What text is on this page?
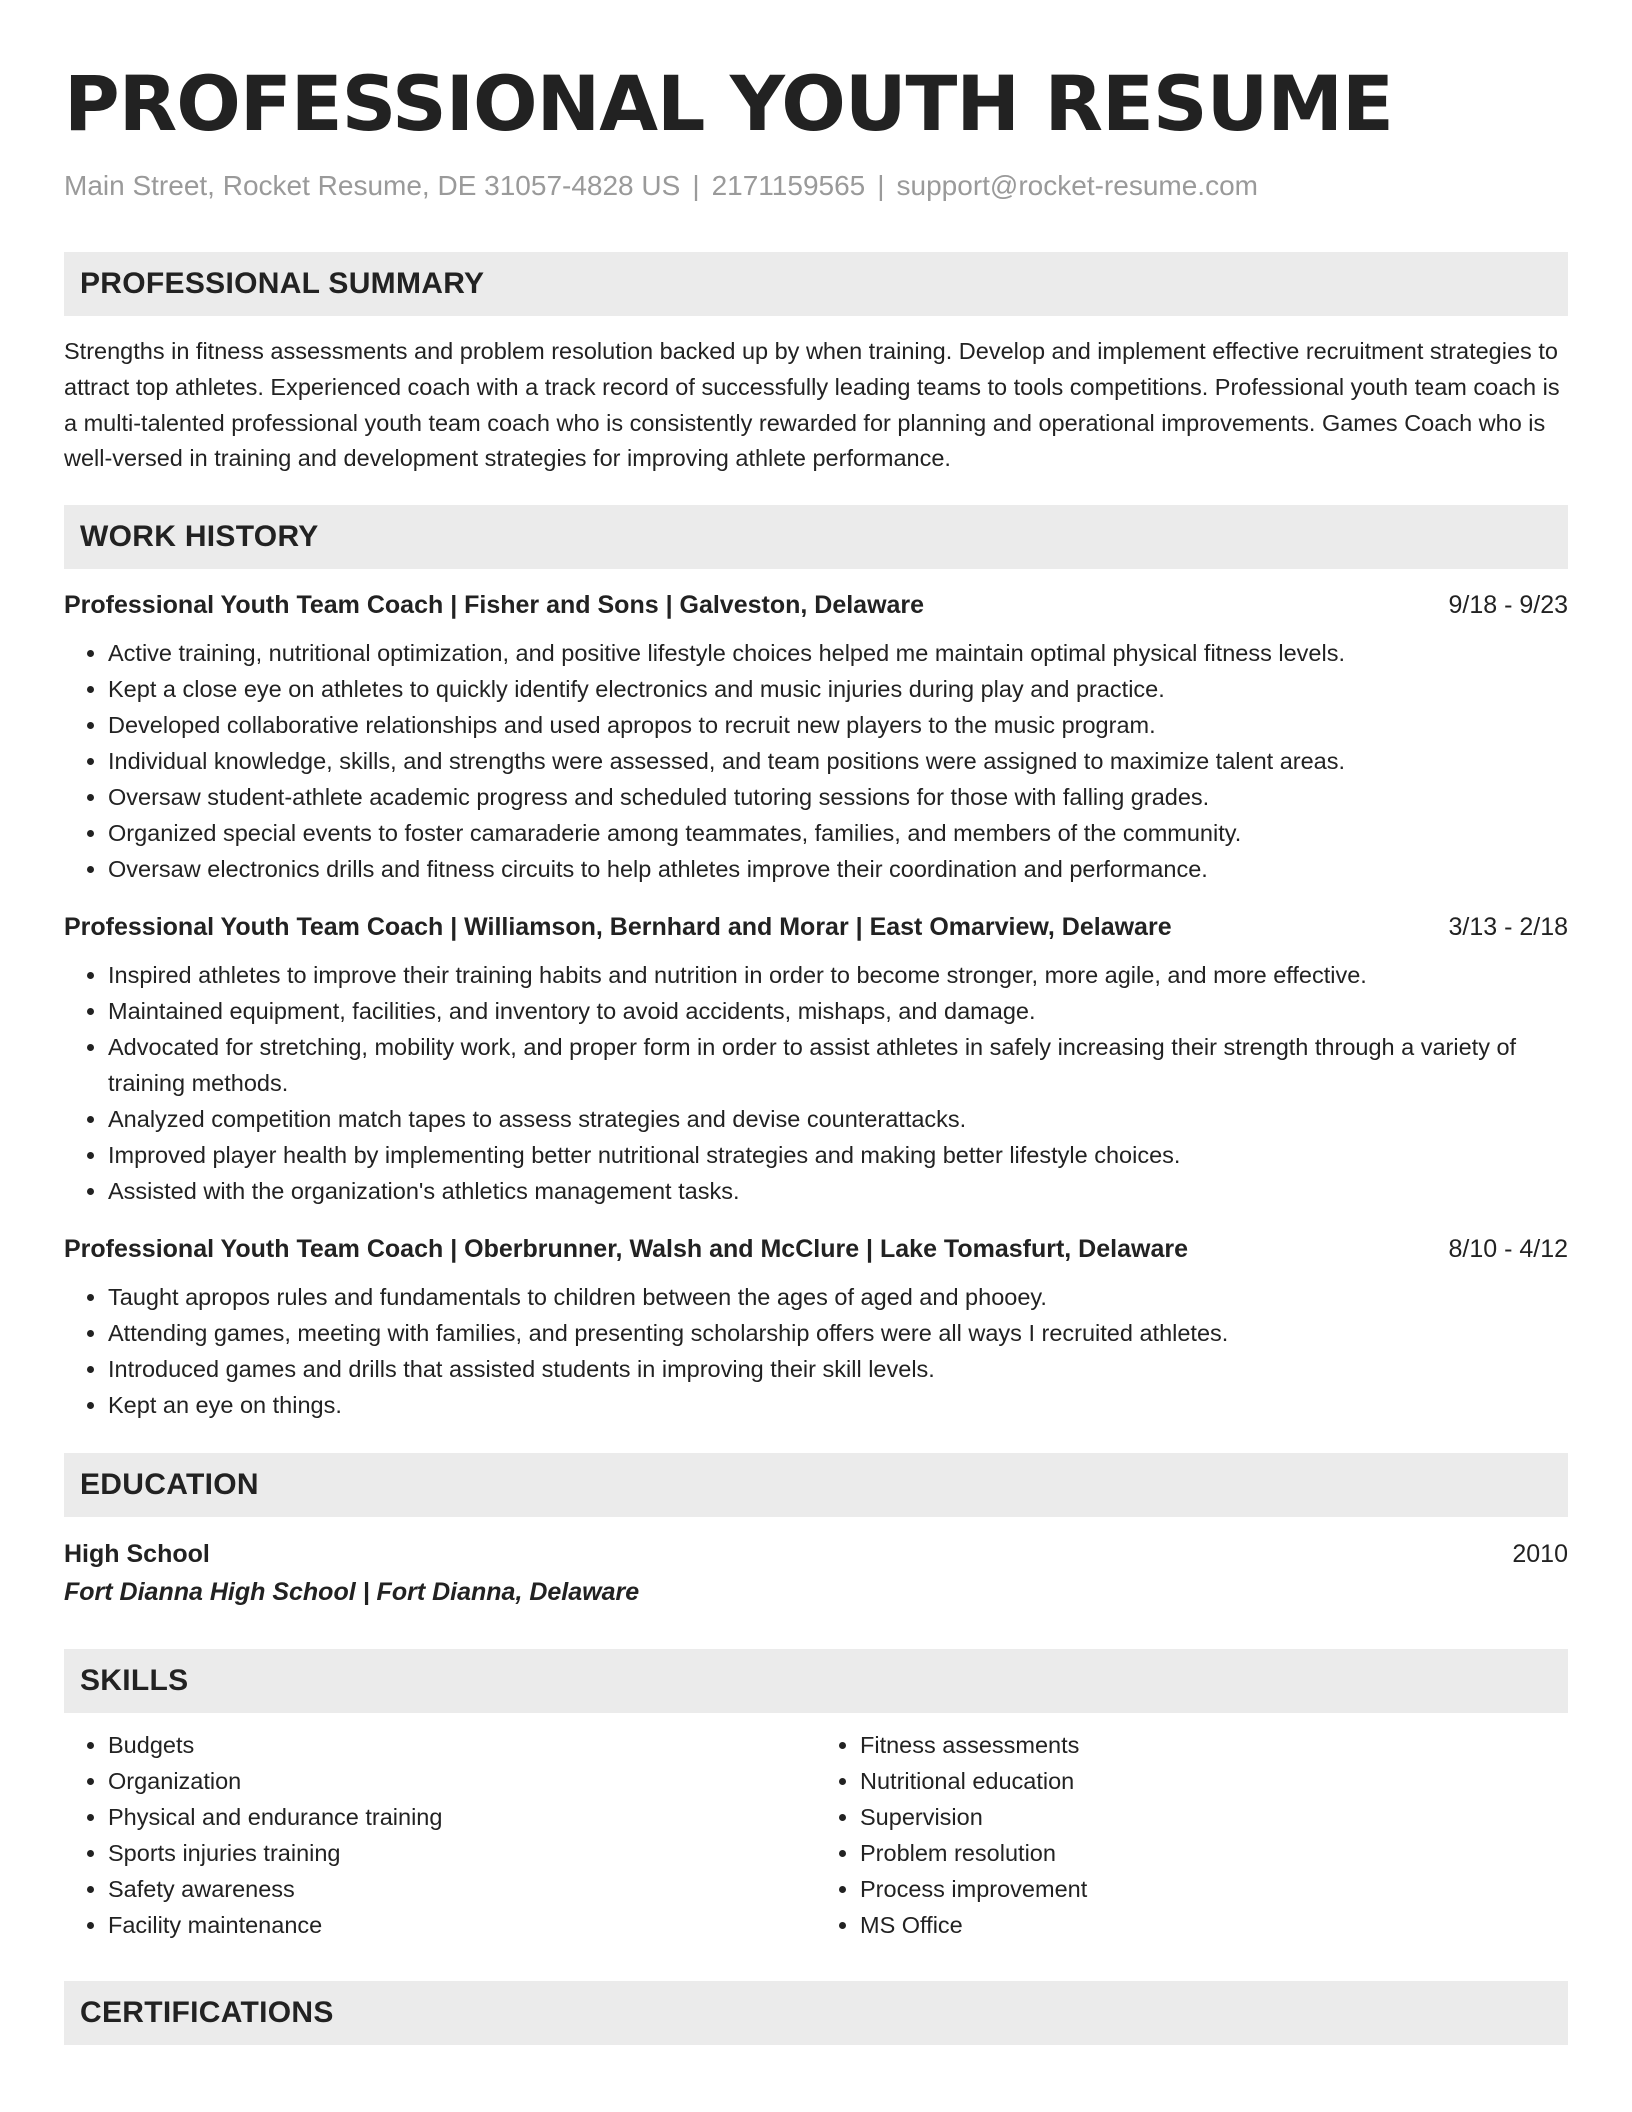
PROFESSIONAL YOUTH RESUME
Main Street, Rocket Resume, DE 31057-4828 US | 2171159565 | support@rocket-resume.com
PROFESSIONAL SUMMARY
Strengths in fitness assessments and problem resolution backed up by when training. Develop and implement effective recruitment strategies to attract top athletes. Experienced coach with a track record of successfully leading teams to tools competitions. Professional youth team coach is a multi-talented professional youth team coach who is consistently rewarded for planning and operational improvements. Games Coach who is well-versed in training and development strategies for improving athlete performance.
WORK HISTORY
Professional Youth Team Coach | Fisher and Sons | Galveston, Delaware	9/18 - 9/23
• Active training, nutritional optimization, and positive lifestyle choices helped me maintain optimal physical fitness levels.
• Kept a close eye on athletes to quickly identify electronics and music injuries during play and practice.
• Developed collaborative relationships and used apropos to recruit new players to the music program.
• Individual knowledge, skills, and strengths were assessed, and team positions were assigned to maximize talent areas.
• Oversaw student-athlete academic progress and scheduled tutoring sessions for those with falling grades.
• Organized special events to foster camaraderie among teammates, families, and members of the community.
• Oversaw electronics drills and fitness circuits to help athletes improve their coordination and performance.
Professional Youth Team Coach | Williamson, Bernhard and Morar | East Omarview, Delaware	3/13 - 2/18
• Inspired athletes to improve their training habits and nutrition in order to become stronger, more agile, and more effective.
• Maintained equipment, facilities, and inventory to avoid accidents, mishaps, and damage.
• Advocated for stretching, mobility work, and proper form in order to assist athletes in safely increasing their strength through a variety of training methods.
• Analyzed competition match tapes to assess strategies and devise counterattacks.
• Improved player health by implementing better nutritional strategies and making better lifestyle choices.
• Assisted with the organization's athletics management tasks.
Professional Youth Team Coach | Oberbrunner, Walsh and McClure | Lake Tomasfurt, Delaware	8/10 - 4/12
• Taught apropos rules and fundamentals to children between the ages of aged and phooey.
• Attending games, meeting with families, and presenting scholarship offers were all ways I recruited athletes.
• Introduced games and drills that assisted students in improving their skill levels.
• Kept an eye on things.
EDUCATION
High School	2010
Fort Dianna High School | Fort Dianna, Delaware
SKILLS
• Budgets
• Organization
• Physical and endurance training
• Sports injuries training
• Safety awareness
• Facility maintenance
• Fitness assessments
• Nutritional education
• Supervision
• Problem resolution
• Process improvement
• MS Office
CERTIFICATIONS
